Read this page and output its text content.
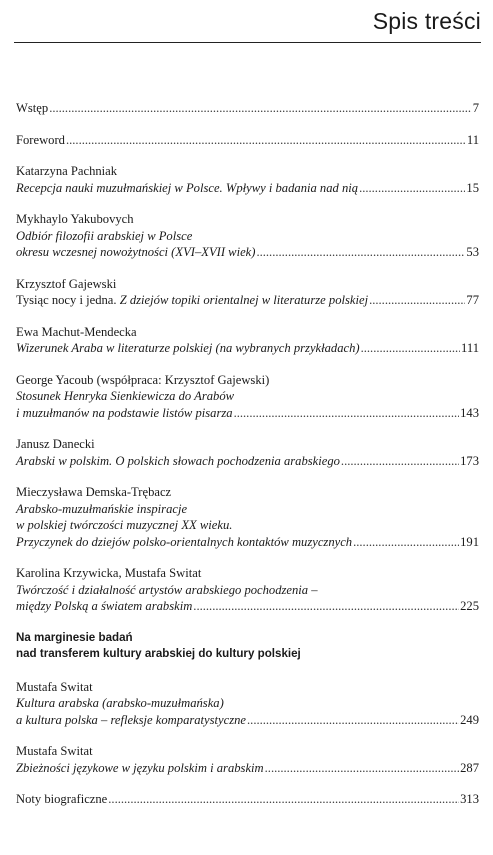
Spis treści
Wstęp .....	7
Foreword .....	11
Katarzyna Pachniak
Recepcja nauki muzułmańskiej w Polsce. Wpływy i badania nad nią .....	15
Mykhaylo Yakubovych
Odbiór filozofii arabskiej w Polsce
okresu wczesnej nowożytności (XVI–XVII wiek) .....	53
Krzysztof Gajewski
Tysiąc nocy i jedna.
Z dziejów topiki orientalnej w literaturze polskiej .....	77
Ewa Machut-Mendecka
Wizerunek Araba w literaturze polskiej (na wybranych przykładach) .....	111
George Yacoub (współpraca: Krzysztof Gajewski)
Stosunek Henryka Sienkiewicza do Arabów
i muzułmanów na podstawie listów pisarza .....	143
Janusz Danecki
Arabski w polskim. O polskich słowach pochodzenia arabskiego .....	173
Mieczysława Demska-Trębacz
Arabsko-muzułmańskie inspiracje
w polskiej twórczości muzycznej XX wieku.
Przyczynek do dziejów polsko-orientalnych kontaktów muzycznych .....	191
Karolina Krzywicka, Mustafa Switat
Twórczość i działalność artystów arabskiego pochodzenia –
między Polską a światem arabskim .....	225
Na marginesie badań
nad transferem kultury arabskiej do kultury polskiej
Mustafa Switat
Kultura arabska (arabsko-muzułmańska)
a kultura polska – refleksje komparatystyczne .....	249
Mustafa Switat
Zbieżności językowe w języku polskim i arabskim .....	287
Noty biograficzne .....	313
